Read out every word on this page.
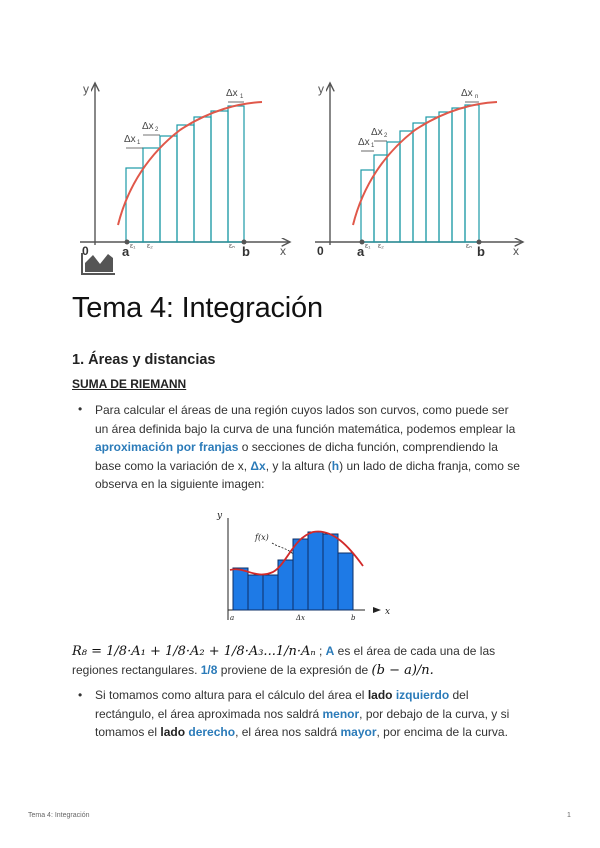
y
x
0
Δx 1
Δx 2
Δx 1
a ε₁ ε₂	εₙ b
y
x
0
Δx n
Δx 2
Δx 1
a ε₁ ε₂	εₙ b
Tema 4: Integración
1. Áreas y distancias
SUMA DE RIEMANN
• Para calcular el áreas de una región cuyos lados son curvos, como puede ser
un área definida bajo la curva de una función matemática, podemos emplear la
aproximación por franjas o secciones de dicha función, comprendiendo la
base como la variación de x, Δx, y la altura (h) un lado de dicha franja, como se
observa en la siguiente imagen:
y
x
f(x)
a	Δx	b
R₈ = 1/8·A₁ + 1/8·A₂ + 1/8·A₃...1/n·Aₙ ; A es el área de cada una de las
regiones rectangulares. 1/8 proviene de la expresión de (b − a)/n.
• Si tomamos como altura para el cálculo del área el lado izquierdo del
rectángulo, el área aproximada nos saldrá menor, por debajo de la curva, y si
tomamos el lado derecho, el área nos saldrá mayor, por encima de la curva.
Tema 4: Integración	1
